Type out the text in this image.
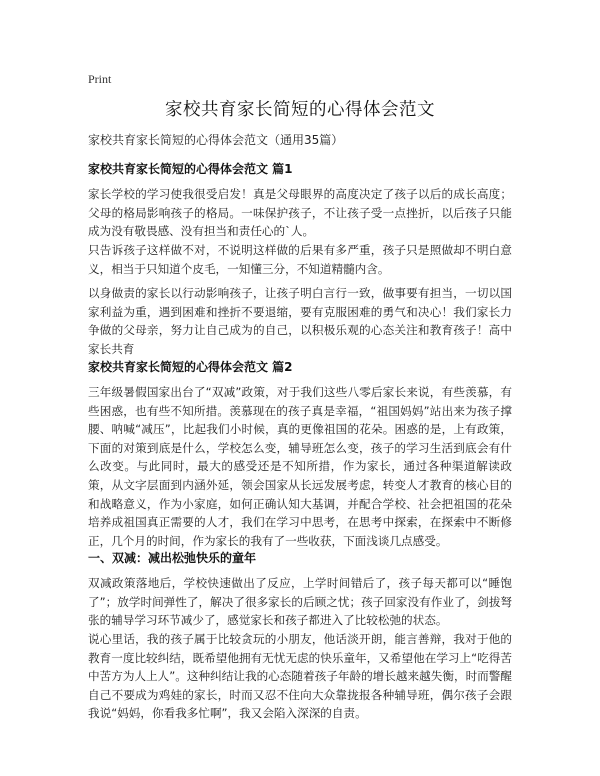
Print
家校共育家长简短的心得体会范文
家校共育家长简短的心得体会范文（通用35篇）
家校共育家长简短的心得体会范文 篇1

家长学校的学习使我很受启发！真是父母眼界的高度决定了孩子以后的成长高度；父母的格局影响孩子的格局。一味保护孩子，不让孩子受一点挫折，以后孩子只能成为没有敬畏感、没有担当和责任心的`人。

只告诉孩子这样做不对，不说明这样做的后果有多严重，孩子只是照做却不明白意义，相当于只知道个皮毛，一知懂三分，不知道精髓内含。

以身做责的家长以行动影响孩子，让孩子明白言行一致，做事要有担当，一切以国家利益为重，遇到困难和挫折不要退缩，要有克服困难的勇气和决心！我们家长力争做的父母亲，努力让自己成为的自己，以积极乐观的心态关注和教育孩子！高中家长共育

家校共育家长简短的心得体会范文 篇2

三年级暑假国家出台了“双减”政策，对于我们这些八零后家长来说，有些羡慕，有些困惑，也有些不知所措。羡慕现在的孩子真是幸福，“祖国妈妈”站出来为孩子撑腰、呐喊“减压”，比起我们小时候，真的更像祖国的花朵。困惑的是，上有政策，下面的对策到底是什么，学校怎么变，辅导班怎么变，孩子的学习生活到底会有什么改变。与此同时，最大的感受还是不知所措，作为家长，通过各种渠道解读政策，从文字层面到内涵外延，领会国家从长远发展考虑，转变人才教育的核心目的和战略意义，作为小家庭，如何正确认知大基调，并配合学校、社会把祖国的花朵培养成祖国真正需要的人才，我们在学习中思考，在思考中探索，在探索中不断修正，几个月的时间，作为家长的我有了一些收获，下面浅谈几点感受。

一、双减：减出松弛快乐的童年

双减政策落地后，学校快速做出了反应，上学时间错后了，孩子每天都可以“睡饱了”；放学时间弹性了，解决了很多家长的后顾之忧；孩子回家没有作业了，剑拔弩张的辅导学习环节减少了，感觉家长和孩子都进入了比较松弛的状态。

说心里话，我的孩子属于比较贪玩的小朋友，他话淡开朗，能言善辩，我对于他的教育一度比较纠结，既希望他拥有无忧无虑的快乐童年，又希望他在学习上“吃得苦中苦方为人上人”。这种纠结让我的心态随着孩子年龄的增长越来越失衡，时而警醒自己不要成为鸡娃的家长，时而又忍不住向大众靠拢报各种辅导班，偶尔孩子会跟我说“妈妈，你看我多忙啊”，我又会陷入深深的自责。
